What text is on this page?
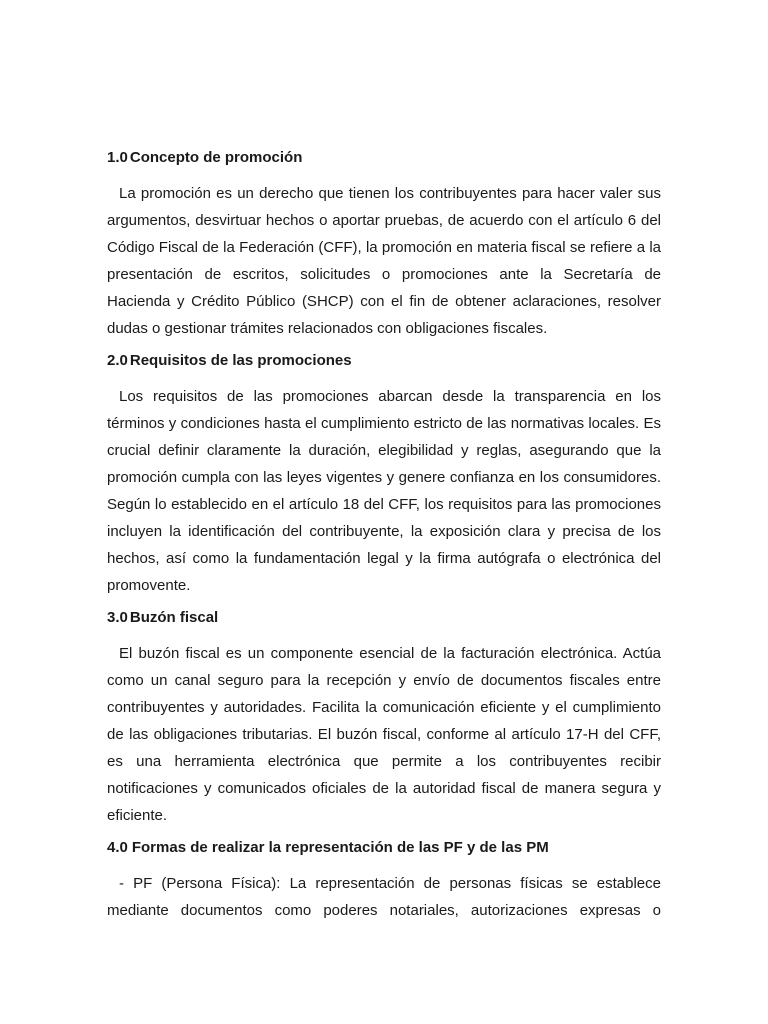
1.0 Concepto de promoción

La promoción es un derecho que tienen los contribuyentes para hacer valer sus argumentos, desvirtuar hechos o aportar pruebas, de acuerdo con el artículo 6 del Código Fiscal de la Federación (CFF), la promoción en materia fiscal se refiere a la presentación de escritos, solicitudes o promociones ante la Secretaría de Hacienda y Crédito Público (SHCP) con el fin de obtener aclaraciones, resolver dudas o gestionar trámites relacionados con obligaciones fiscales.

2.0 Requisitos de las promociones

Los requisitos de las promociones abarcan desde la transparencia en los términos y condiciones hasta el cumplimiento estricto de las normativas locales. Es crucial definir claramente la duración, elegibilidad y reglas, asegurando que la promoción cumpla con las leyes vigentes y genere confianza en los consumidores. Según lo establecido en el artículo 18 del CFF, los requisitos para las promociones incluyen la identificación del contribuyente, la exposición clara y precisa de los hechos, así como la fundamentación legal y la firma autógrafa o electrónica del promovente.

3.0 Buzón fiscal

El buzón fiscal es un componente esencial de la facturación electrónica. Actúa como un canal seguro para la recepción y envío de documentos fiscales entre contribuyentes y autoridades. Facilita la comunicación eficiente y el cumplimiento de las obligaciones tributarias. El buzón fiscal, conforme al artículo 17-H del CFF, es una herramienta electrónica que permite a los contribuyentes recibir notificaciones y comunicados oficiales de la autoridad fiscal de manera segura y eficiente.

4.0 Formas de realizar la representación de las PF y de las PM

- PF (Persona Física): La representación de personas físicas se establece mediante documentos como poderes notariales, autorizaciones expresas o
